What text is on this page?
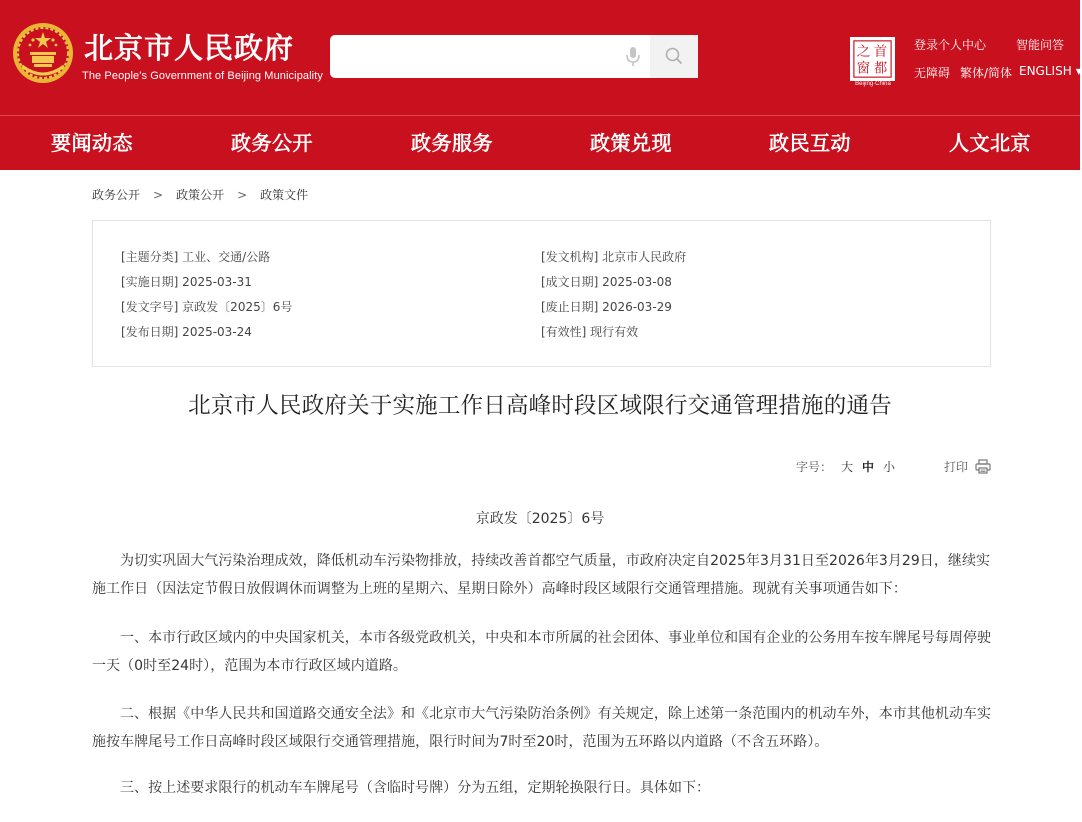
北京市人民政府
The People's Government of Beijing Municipality
首
都
之
窗
Beijing·China
登录个人中心 智能问答
无障碍 繁体/简体 ENGLISH ▼
要闻动态	政务公开	政务服务	政策兑现	政民互动	人文北京
政务公开 > 政策公开 > 政策文件
[主题分类] 工业、交通/公路	[发文机构] 北京市人民政府
[实施日期] 2025-03-31	[成文日期] 2025-03-08
[发文字号] 京政发〔2025〕6号	[废止日期] 2026-03-29
[发布日期] 2025-03-24	[有效性] 现行有效
北京市人民政府关于实施工作日高峰时段区域限行交通管理措施的通告
字号： 大 中 小	打印
京政发〔2025〕6号

为切实巩固大气污染治理成效，降低机动车污染物排放，持续改善首都空气质量，市政府决定自2025年3月31日至2026年3月29日，继续实施工作日（因法定节假日放假调休而调整为上班的星期六、星期日除外）高峰时段区域限行交通管理措施。现就有关事项通告如下：

一、本市行政区域内的中央国家机关，本市各级党政机关，中央和本市所属的社会团体、事业单位和国有企业的公务用车按车牌尾号每周停驶一天（0时至24时），范围为本市行政区域内道路。

二、根据《中华人民共和国道路交通安全法》和《北京市大气污染防治条例》有关规定，除上述第一条范围内的机动车外，本市其他机动车实施按车牌尾号工作日高峰时段区域限行交通管理措施，限行时间为7时至20时，范围为五环路以内道路（不含五环路）。

三、按上述要求限行的机动车车牌尾号（含临时号牌）分为五组，定期轮换限行日。具体如下：
